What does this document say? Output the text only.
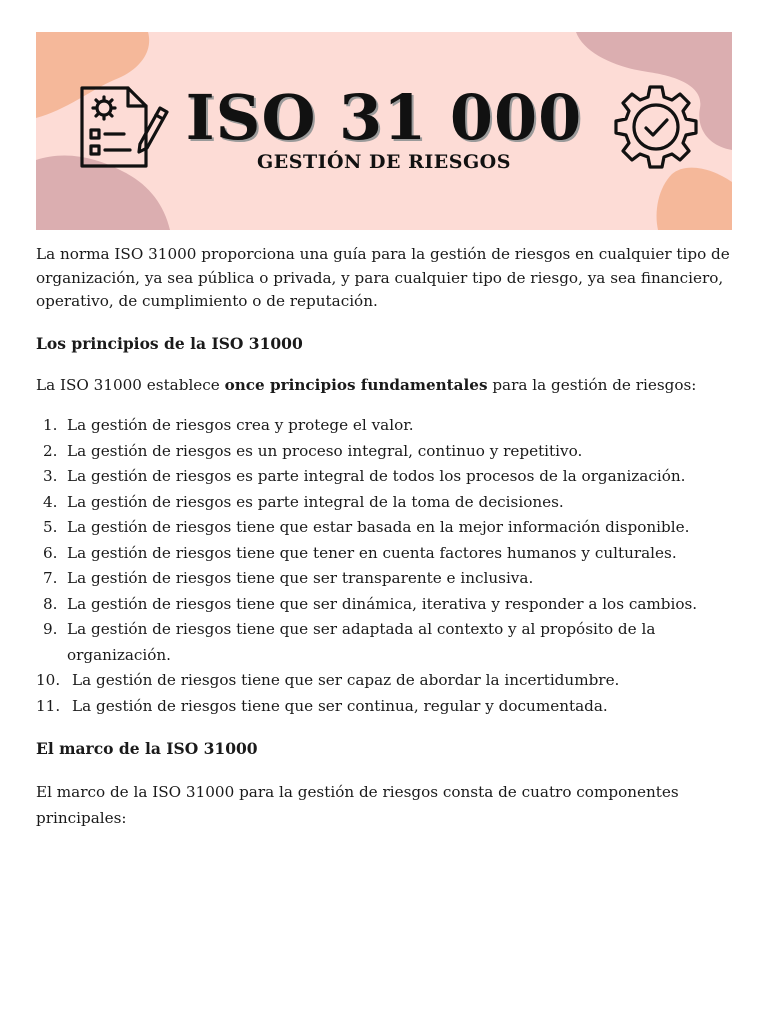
ISO 31 000
GESTIÓN DE RIESGOS

La norma ISO 31000 proporciona una guía para la gestión de riesgos en cualquier tipo de organización, ya sea pública o privada, y para cualquier tipo de riesgo, ya sea financiero, operativo, de cumplimiento o de reputación.

Los principios de la ISO 31000

La ISO 31000 establece once principios fundamentales para la gestión de riesgos:

1. La gestión de riesgos crea y protege el valor.
2. La gestión de riesgos es un proceso integral, continuo y repetitivo.
3. La gestión de riesgos es parte integral de todos los procesos de la organización.
4. La gestión de riesgos es parte integral de la toma de decisiones.
5. La gestión de riesgos tiene que estar basada en la mejor información disponible.
6. La gestión de riesgos tiene que tener en cuenta factores humanos y culturales.
7. La gestión de riesgos tiene que ser transparente e inclusiva.
8. La gestión de riesgos tiene que ser dinámica, iterativa y responder a los cambios.
9. La gestión de riesgos tiene que ser adaptada al contexto y al propósito de la organización.
10. La gestión de riesgos tiene que ser capaz de abordar la incertidumbre.
11. La gestión de riesgos tiene que ser continua, regular y documentada.
El marco de la ISO 31000

El marco de la ISO 31000 para la gestión de riesgos consta de cuatro componentes principales:
